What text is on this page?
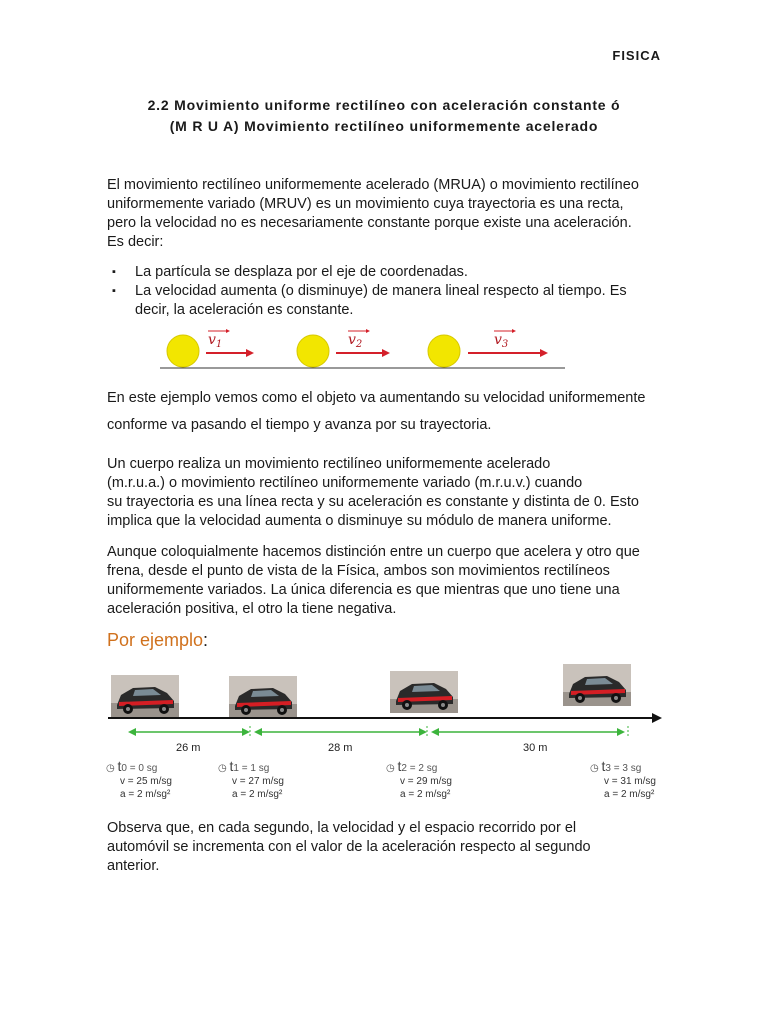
FISICA
2.2 Movimiento uniforme rectilíneo con aceleración constante ó
(M R U A) Movimiento rectilíneo uniformemente acelerado
El movimiento rectilíneo uniformemente acelerado (MRUA) o movimiento rectilíneo
uniformemente variado (MRUV) es un movimiento cuya trayectoria es una recta,
pero la velocidad no es necesariamente constante porque existe una aceleración.
Es decir:
▪ La partícula se desplaza por el eje de coordenadas.
▪ La velocidad aumenta (o disminuye) de manera lineal respecto al tiempo. Es
decir, la aceleración es constante.
$v_1$	$v_2$	$v_3$
En este ejemplo vemos como el objeto va aumentando su velocidad uniformemente
conforme va pasando el tiempo y avanza por su trayectoria.
Un cuerpo realiza un movimiento rectilíneo uniformemente acelerado
(m.r.u.a.) o movimiento rectilíneo uniformemente variado (m.r.u.v.) cuando
su trayectoria es una línea recta y su aceleración es constante y distinta de 0. Esto
implica que la velocidad aumenta o disminuye su módulo de manera uniforme.
Aunque coloquialmente hacemos distinción entre un cuerpo que acelera y otro que
frena, desde el punto de vista de la Física, ambos son movimientos rectilíneos
uniformemente variados. La única diferencia es que mientras que uno tiene una
aceleración positiva, el otro la tiene negativa.
Por ejemplo:
26 m	28 m	30 m
◷ t0 = 0 sg
v = 25 m/sg
a = 2 m/sg²
◷ t1 = 1 sg
v = 27 m/sg
a = 2 m/sg²
◷ t2 = 2 sg
v = 29 m/sg
a = 2 m/sg²
◷ t3 = 3 sg
v = 31 m/sg
a = 2 m/sg²
Observa que, en cada segundo, la velocidad y el espacio recorrido por el
automóvil se incrementa con el valor de la aceleración respecto al segundo
anterior.
